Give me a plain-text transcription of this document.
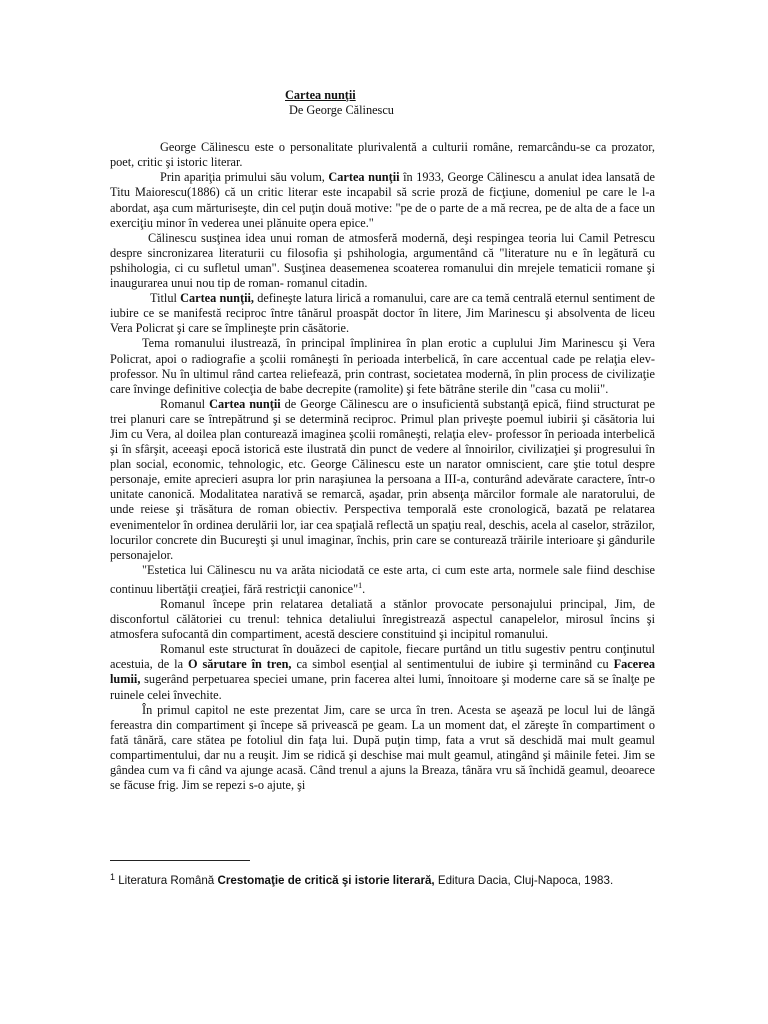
Cartea nunţii
De George Călinescu

George Călinescu este o personalitate plurivalentă a culturii române, remarcându-se ca prozator, poet, critic şi istoric literar.

Prin apariţia primului său volum, Cartea nunţii în 1933, George Călinescu a anulat idea lansată de Titu Maiorescu(1886) că un critic literar este incapabil să scrie proză de ficţiune, domeniul pe care le l-a abordat, aşa cum mărturiseşte, din cel puţin două motive: "pe de o parte de a mă recrea, pe de alta de a face un exerciţiu minor în vederea unei plănuite opera epice."

Călinescu susţinea idea unui roman de atmosferă modernă, deşi respingea teoria lui Camil Petrescu despre sincronizarea literaturii cu filosofia şi pshihologia, argumentând că "literature nu e în legătură cu pshihologia, ci cu sufletul uman". Susţinea deasemenea scoaterea romanului din mrejele tematicii romane şi inaugurarea unui nou tip de roman- romanul citadin.

Titlul Cartea nunţii, defineşte latura lirică a romanului, care are ca temă centrală eternul sentiment de iubire ce se manifestă reciproc între tânărul proaspăt doctor în litere, Jim Marinescu şi absolventa de liceu Vera Policrat şi care se împlineşte prin căsătorie.

Tema romanului ilustrează, în principal împlinirea în plan erotic a cuplului Jim Marinescu şi Vera Policrat, apoi o radiografie a şcolii româneşti în perioada interbelică, în care accentual cade pe relaţia elev- professor. Nu în ultimul rând cartea reliefează, prin contrast, societatea modernă, în plin process de civilizaţie care învinge definitive colecţia de babe decrepite (ramolite) şi fete bătrâne sterile din "casa cu molii".

Romanul Cartea nunţii de George Călinescu are o insuficientă substanţă epică, fiind structurat pe trei planuri care se întrepătrund şi se determină reciproc. Primul plan priveşte poemul iubirii şi căsătoria lui Jim cu Vera, al doilea plan conturează imaginea şcolii româneşti, relaţia elev- professor în perioada interbelică şi în sfârşit, aceeaşi epocă istorică este ilustrată din punct de vedere al înnoirilor, civilizaţiei şi progresului în plan social, economic, tehnologic, etc. George Călinescu este un narator omniscient, care ştie totul despre personaje, emite aprecieri asupra lor prin naraşiunea la persoana a III-a, conturând adevărate caractere, într-o unitate canonică. Modalitatea narativă se remarcă, aşadar, prin absenţa mărcilor formale ale naratorului, de unde reiese şi trăsătura de roman obiectiv. Perspectiva temporală este cronologică, bazată pe relatarea evenimentelor în ordinea derulării lor, iar cea spaţială reflectă un spaţiu real, deschis, acela al caselor, străzilor, locurilor concrete din Bucureşti şi unul imaginar, închis, prin care se conturează trăirile interioare şi gândurile personajelor.

"Estetica lui Călinescu nu va arăta niciodată ce este arta, ci cum este arta, normele sale fiind deschise continuu libertăţii creaţiei, fără restricţii canonice"$^1$.

Romanul începe prin relatarea detaliată a stănlor provocate personajului principal, Jim, de disconfortul călătoriei cu trenul: tehnica detaliului înregistrează aspectul canapelelor, mirosul încins şi atmosfera sufocantă din compartiment, acestă desciere constituind şi incipitul romanului.

Romanul este structurat în douăzeci de capitole, fiecare purtând un titlu sugestiv pentru conţinutul acestuia, de la O sărutare în tren, ca simbol esenţial al sentimentului de iubire şi terminând cu Facerea lumii, sugerând perpetuarea speciei umane, prin facerea altei lumi, înnoitoare şi moderne care să se înalţe pe ruinele celei învechite.

În primul capitol ne este prezentat Jim, care se urca în tren. Acesta se aşează pe locul lui de lângă fereastra din compartiment şi începe să privească pe geam. La un moment dat, el zăreşte în compartiment o fată tânără, care stătea pe fotoliul din faţa lui. După puţin timp, fata a vrut să deschidă mai mult geamul compartimentului, dar nu a reuşit. Jim se ridică şi deschise mai mult geamul, atingând şi mâinile fetei. Jim se gândea cum va fi când va ajunge acasă. Când trenul a ajuns la Breaza, tânăra vru să închidă geamul, deoarece se făcuse frig. Jim se repezi s-o ajute, şi

$^1$ Literatura Română Crestomaţie de critică şi istorie literară, Editura Dacia, Cluj-Napoca, 1983.
